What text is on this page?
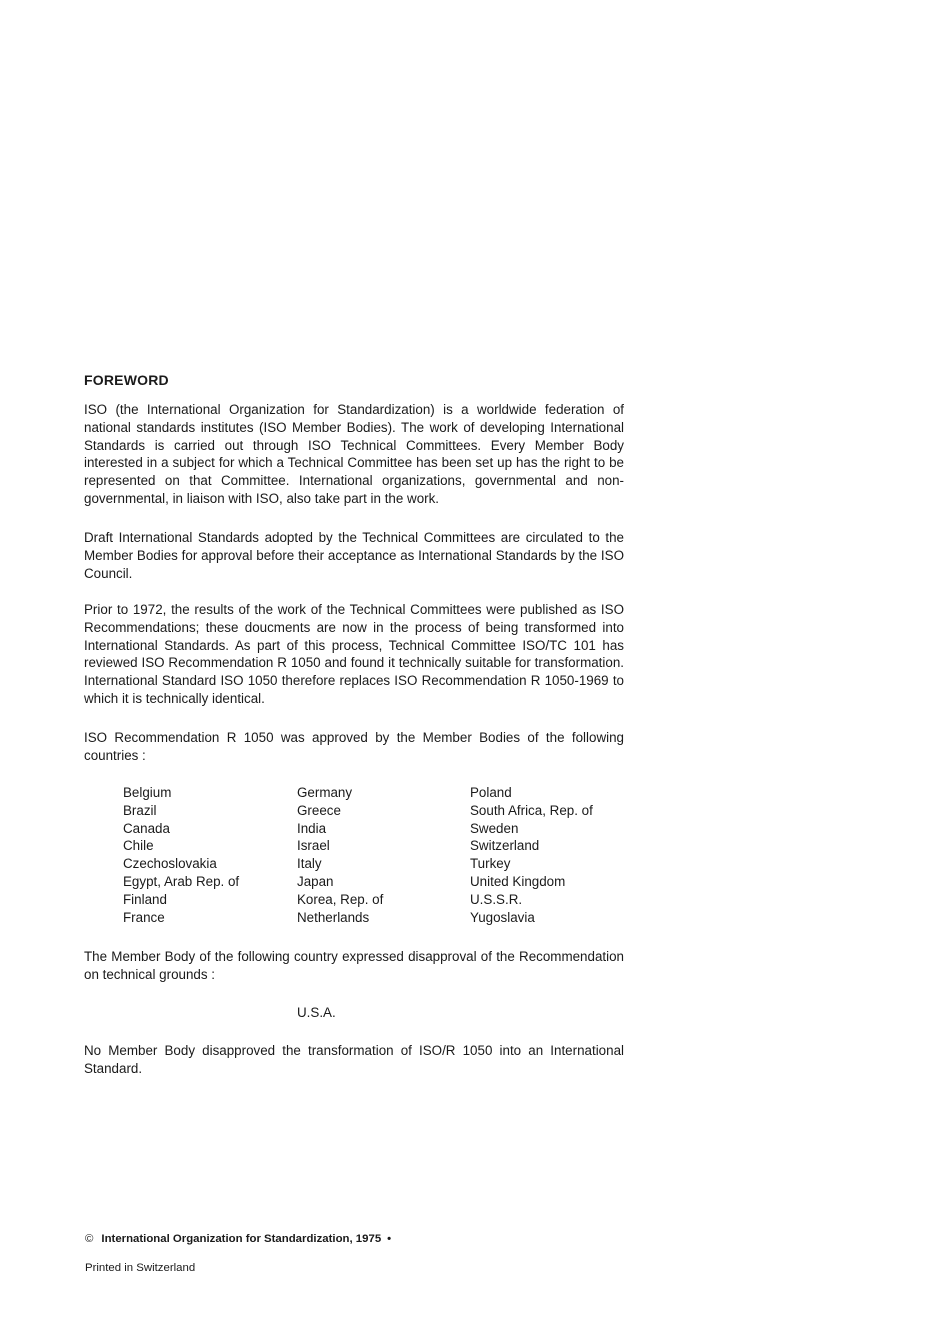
FOREWORD

ISO (the International Organization for Standardization) is a worldwide federation of national standards institutes (ISO Member Bodies). The work of developing International Standards is carried out through ISO Technical Committees. Every Member Body interested in a subject for which a Technical Committee has been set up has the right to be represented on that Committee. International organizations, governmental and non-governmental, in liaison with ISO, also take part in the work.

Draft International Standards adopted by the Technical Committees are circulated to the Member Bodies for approval before their acceptance as International Standards by the ISO Council.

Prior to 1972, the results of the work of the Technical Committees were published as ISO Recommendations; these doucments are now in the process of being transformed into International Standards. As part of this process, Technical Committee ISO/TC 101 has reviewed ISO Recommendation R 1050 and found it technically suitable for transformation. International Standard ISO 1050 therefore replaces ISO Recommendation R 1050-1969 to which it is technically identical.

ISO Recommendation R 1050 was approved by the Member Bodies of the following countries :

Belgium
Brazil
Canada
Chile
Czechoslovakia
Egypt, Arab Rep. of
Finland
France
Germany
Greece
India
Israel
Italy
Japan
Korea, Rep. of
Netherlands
Poland
South Africa, Rep. of
Sweden
Switzerland
Turkey
United Kingdom
U.S.S.R.
Yugoslavia

The Member Body of the following country expressed disapproval of the Recommendation on technical grounds :

U.S.A.

No Member Body disapproved the transformation of ISO/R 1050 into an International Standard.

© International Organization for Standardization, 1975 •

Printed in Switzerland
